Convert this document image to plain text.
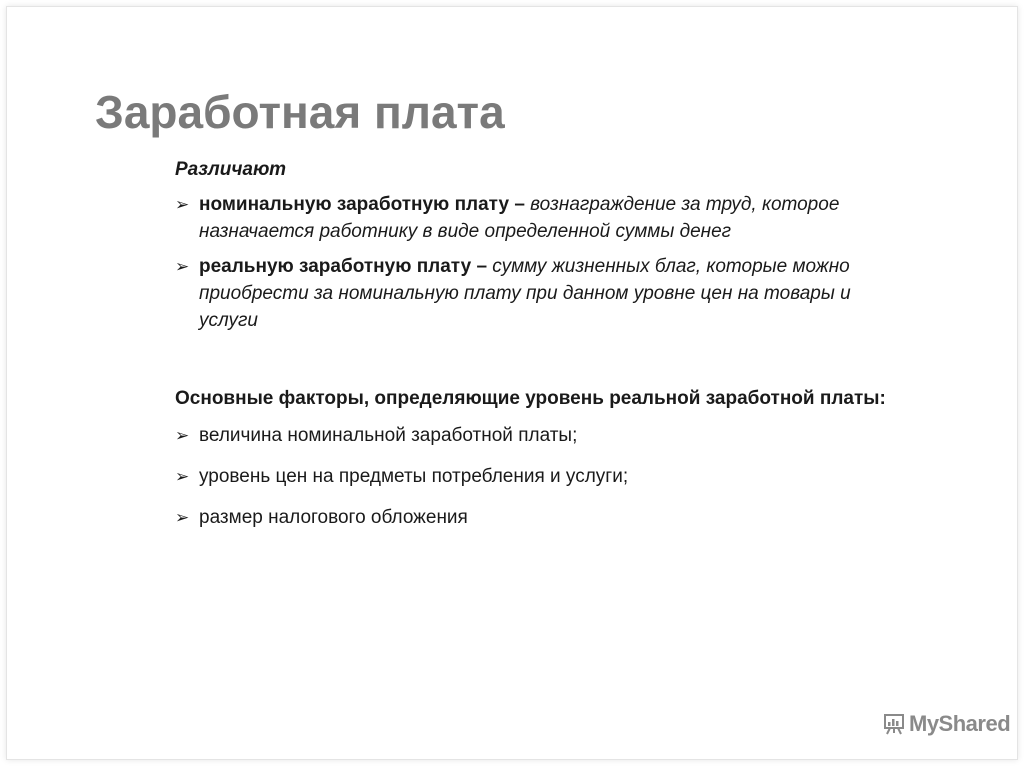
Заработная плата
Различают
➢ номинальную заработную плату – вознаграждение за труд, которое назначается работнику в виде определенной суммы денег
➢ реальную заработную плату – сумму жизненных благ, которые можно приобрести за номинальную плату при данном уровне цен на товары и услуги
Основные факторы, определяющие уровень реальной заработной платы:
➢ величина номинальной заработной платы;
➢ уровень цен на предметы потребления и услуги;
➢ размер налогового обложения
MyShared
